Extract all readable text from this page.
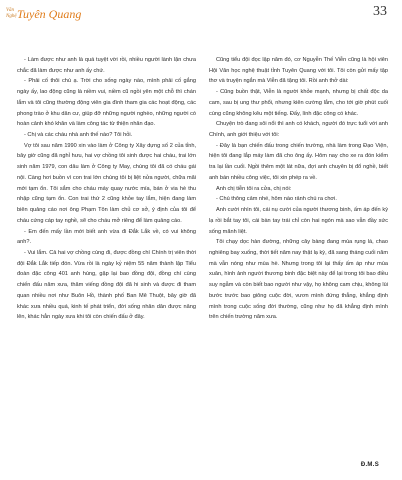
Văn
Nghệ Tuyên Quang	33

- Làm được như anh là quá tuyệt vời rồi, nhiều người lành lặn chưa chắc đã làm được như anh ấy chứ.

- Phải cố thôi chú ạ. Trời cho sống ngày nào, mình phải cố gắng ngày ấy, lao động cũng là niềm vui, niềm cũ ngồi yên một chỗ thì chán lắm và tôi cũng thường động viên gia đình tham gia các hoạt động, các phong trào ở khu dân cư, giúp đỡ những người nghèo, những người có hoàn cảnh khó khăn và làm công tác từ thiện nhân đạo.

- Chị và các cháu nhà anh thế nào? Tôi hỏi.

Vợ tôi sau năm 1990 xin vào làm ở Công ty Xây dựng số 2 của tỉnh, bây giờ cũng đã nghỉ hưu, hai vợ chồng tôi sinh được hai cháu, trai lớn sinh năm 1979, con dâu làm ở Công ty May, chúng tôi đã có cháu gái nội. Càng hơi buồn vì con trai lớn chúng tôi bị liệt nửa người, chữa mãi mới tạm ổn. Tôi sắm cho cháu máy quay nước mía, bán ở via hè thu nhập cũng tạm ổn. Con trai thứ 2 cũng khỏe tay lắm, hiện đang làm biên quảng cáo nơi ông Phạm Tôn làm chủ cơ sở, ý định của tôi để cháu cứng cáp tay nghề, sẽ cho cháu mở riêng để làm quảng cáo.

- Em đến mấy lần mới biết anh vừa đi Đắk Lắk về, có vui không anh?.

- Vui lắm. Cả hai vợ chồng cùng đi, được đồng chí Chính trị viên thời đội Đắk Lắk tiếp đón. Vừa rồi là ngày kỷ niệm 55 năm thành lập Tiểu đoàn đặc công 401 anh hùng, gặp lại bao đồng đội, đồng chí cùng chiến đấu năm xưa, thăm viếng đồng đội đã hi sinh và được đi tham quan nhiều nơi như Buôn Hồ, thành phố Ban Mê Thuột, bây giờ đã khác xưa nhiều quá, kinh tế phát triển, đời sống nhân dân được nâng lên, khác hẳn ngày xưa khi tôi còn chiến đấu ở đây.

Cũng tiểu đội đọc lập năm đó, cơ Nguyễn Thế Viễn cũng là hội viên Hội Văn học nghệ thuật tỉnh Tuyên Quang với tôi. Tôi còn gửi mấy tập thơ và truyện ngắn mà Viễn đã tặng tôi. Rồi anh thở dài:

- Cũng buồn thật, Viễn là người khỏe mạnh, nhưng bị chất độc da cam, sau bị ung thư phổi, nhưng kiên cường lắm, cho tới giờ phút cuối cùng cũng không kêu một tiếng. Đấy, lính đặc công có khác.

Chuyện trò đang sôi nổi thì anh có khách, người đó trực tuổi với anh Chính, anh giới thiệu với tôi:

- Đây là bạn chiến đấu trong chiến trường, nhà làm trong Đạo Viện, hiện tôi đang lắp máy làm đã cho ông ấy. Hôm nay cho xe ra đón kiểm tra lại lần cuối. Ngồi thêm một lát nữa, đợi anh chuyên bị đổ nghề, biết anh bán nhiều công việc, tôi xin phép ra về.

Anh chị tiễn tôi ra cửa, chị nói:

- Chú thông cảm nhé, hôm nào rảnh chú ra chơi.

Anh cười nhìn tôi, cái nụ cười của người thương binh, ấm áp đến kỳ lạ rồi bắt tay tôi, cái bàn tay trái chỉ còn hai ngón mà sao vẫn đầy sức sống mãnh liệt.

Tôi chạy dọc hàn đường, những cây bàng đang mùa rụng lá, chao nghiêng bay xuống, thời tiết năm nay thật lạ kỳ, đã sang tháng cuối năm mà vẫn nóng như mùa hè. Nhưng trong tôi lại thấy ấm áp như mùa xuân, hình ảnh người thương binh đặc biệt này để lại trong tôi bao điều suy ngẫm và còn biết bao người như vậy, họ không cam chịu, không lùi bước trước bao giông cuộc đời, vươn mình đứng thẳng, khẳng định mình trong cuộc sống đời thường, cũng như họ đã khẳng định mình trên chiến trường năm xưa.

Đ.M.S
